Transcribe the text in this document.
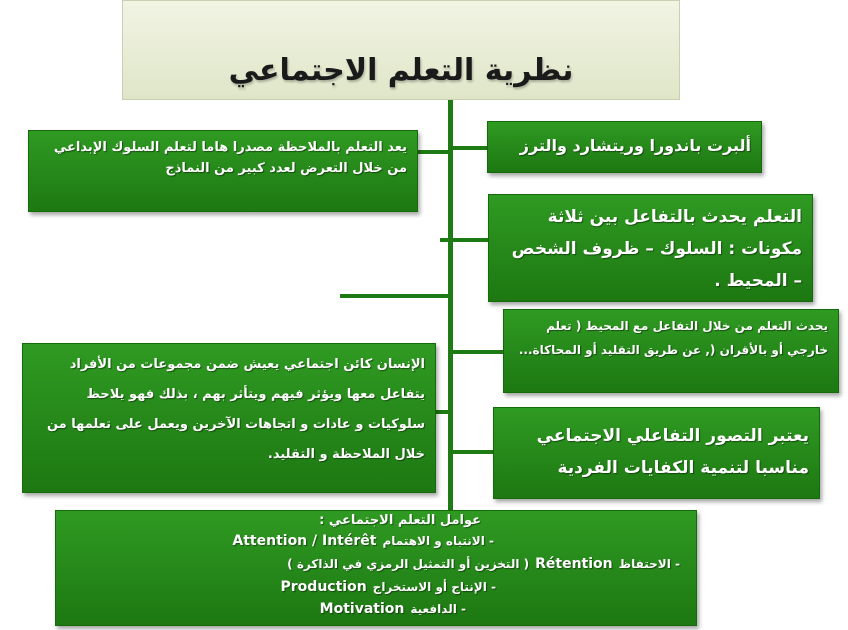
نظرية التعلم الاجتماعي
يعد التعلم بالملاحظة مصدرا هاما لتعلم السلوك الإبداعي من خلال التعرض لعدد كبير من النماذج
الإنسان كائن اجتماعي يعيش ضمن مجموعات من الأفراد يتفاعل معها ويؤثر فيهم ويتأثر بهم ، بذلك فهو يلاحظ سلوكيات و عادات و اتجاهات الآخرين ويعمل على تعلمها من خلال الملاحظة و التقليد.
ألبرت باندورا وريتشارد والترز
التعلم يحدث بالتفاعل بين ثلاثة مكونات : السلوك – ظروف الشخص – المحيط .
يحدث التعلم من خلال التفاعل مع المحيط ( تعلم خارجي أو بالأقران (, عن طريق التقليد أو المحاكاة...
يعتبر التصور التفاعلي الاجتماعي مناسبا لتنمية الكفايات الفردية
عوامل التعلم الاجتماعي :
- الانتباه و الاهتمامAttention / Intérêt
- الاحتفاظRétention( التخزين أو التمثيل الرمزي في الذاكرة )
- الإنتاج أو الاستخراجProduction
- الدافعيةMotivation
